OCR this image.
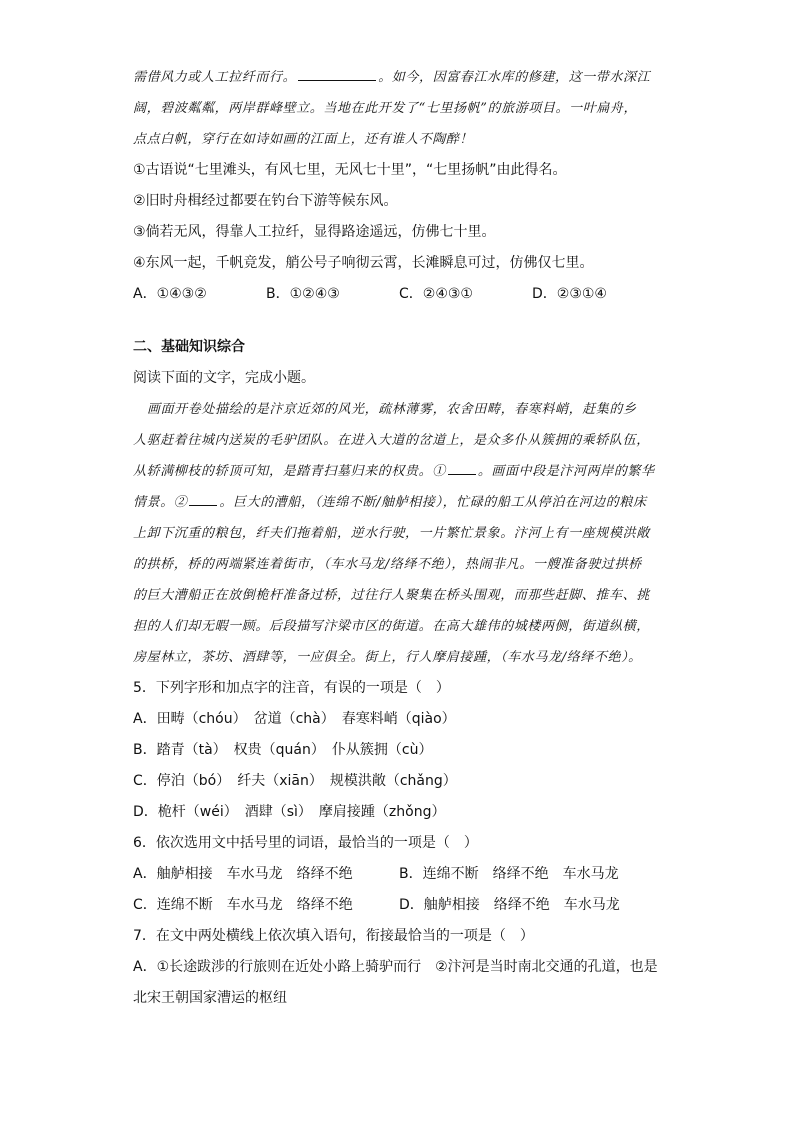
需借风力或人工拉纤而行。	。如今，因富春江水库的修建，这一带水深江
阔，碧波粼粼，两岸群峰壁立。当地在此开发了“七里扬帆”的旅游项目。一叶扁舟，
点点白帆，穿行在如诗如画的江面上，还有谁人不陶醉！
①古语说“七里滩头，有风七里，无风七十里”，“七里扬帆”由此得名。
②旧时舟楫经过都要在钓台下游等候东风。
③倘若无风，得靠人工拉纤，显得路途遥远，仿佛七十里。
④东风一起，千帆竞发，艄公号子响彻云霄，长滩瞬息可过，仿佛仅七里。
A．①④③②	B．①②④③	C．②④③①	D．②③①④
二、基础知识综合
阅读下面的文字，完成小题。
画面开卷处描绘的是汴京近郊的风光，疏林薄雾，农舍田畴，春寒料峭，赶集的乡
人驱赶着往城内送炭的毛驴团队。在进入大道的岔道上，是众多仆从簇拥的乘轿队伍，
从轿满柳枝的轿顶可知，是踏青扫墓归来的权贵。① 。画面中段是汴河两岸的繁华
情景。② 。巨大的漕船，（连绵不断/舳舻相接），忙碌的船工从停泊在河边的粮床
上卸下沉重的粮包，纤夫们拖着船，逆水行驶，一片繁忙景象。汴河上有一座规模洪敞
的拱桥，桥的两端紧连着街市，（车水马龙/络绎不绝），热闹非凡。一艘准备驶过拱桥
的巨大漕船正在放倒桅杆准备过桥，过往行人聚集在桥头围观，而那些赶脚、推车、挑
担的人们却无暇一顾。后段描写汴梁市区的街道。在高大雄伟的城楼两侧，街道纵横，
房屋林立，茶坊、酒肆等，一应俱全。街上，行人摩肩接踵，（车水马龙/络绎不绝）。
5．下列字形和加点字的注音，有误的一项是（　）
A．田畴（chóu）　岔道（chà）　春寒料峭（qiào）
B．踏青（tà）　权贵（quán）　仆从簇拥（cù）
C．停泊（bó）　纤夫（xiān）　规模洪敞（chǎng）
D．桅杆（wéi）　酒肆（sì）　摩肩接踵（zhǒng）
6．依次选用文中括号里的词语，最恰当的一项是（　）
A．舳舻相接　车水马龙　络绎不绝	B．连绵不断　络绎不绝　车水马龙
C．连绵不断　车水马龙　络绎不绝	D．舳舻相接　络绎不绝　车水马龙
7．在文中两处横线上依次填入语句，衔接最恰当的一项是（　）
A．①长途跋涉的行旅则在近处小路上骑驴而行　②汴河是当时南北交通的孔道，也是
北宋王朝国家漕运的枢纽
